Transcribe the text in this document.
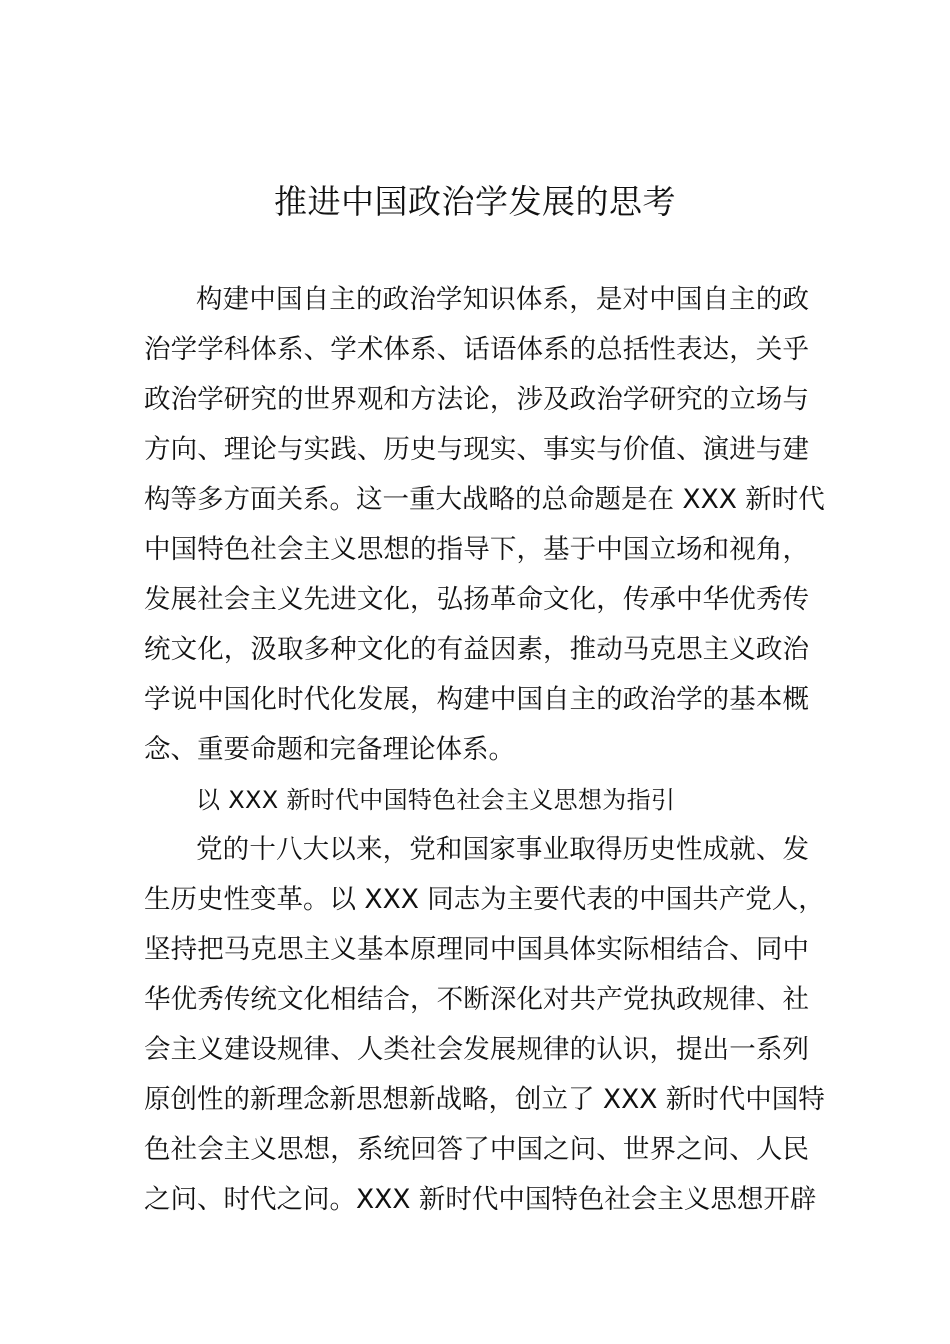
推进中国政治学发展的思考
构建中国自主的政治学知识体系，是对中国自主的政
治学学科体系、学术体系、话语体系的总括性表达，关乎
政治学研究的世界观和方法论，涉及政治学研究的立场与
方向、理论与实践、历史与现实、事实与价值、演进与建
构等多方面关系。这一重大战略的总命题是在 XXX 新时代
中国特色社会主义思想的指导下，基于中国立场和视角，
发展社会主义先进文化，弘扬革命文化，传承中华优秀传
统文化，汲取多种文化的有益因素，推动马克思主义政治
学说中国化时代化发展，构建中国自主的政治学的基本概
念、重要命题和完备理论体系。
以 XXX 新时代中国特色社会主义思想为指引
党的十八大以来，党和国家事业取得历史性成就、发
生历史性变革。以 XXX 同志为主要代表的中国共产党人，
坚持把马克思主义基本原理同中国具体实际相结合、同中
华优秀传统文化相结合，不断深化对共产党执政规律、社
会主义建设规律、人类社会发展规律的认识，提出一系列
原创性的新理念新思想新战略，创立了 XXX 新时代中国特
色社会主义思想，系统回答了中国之问、世界之问、人民
之问、时代之问。XXX 新时代中国特色社会主义思想开辟
